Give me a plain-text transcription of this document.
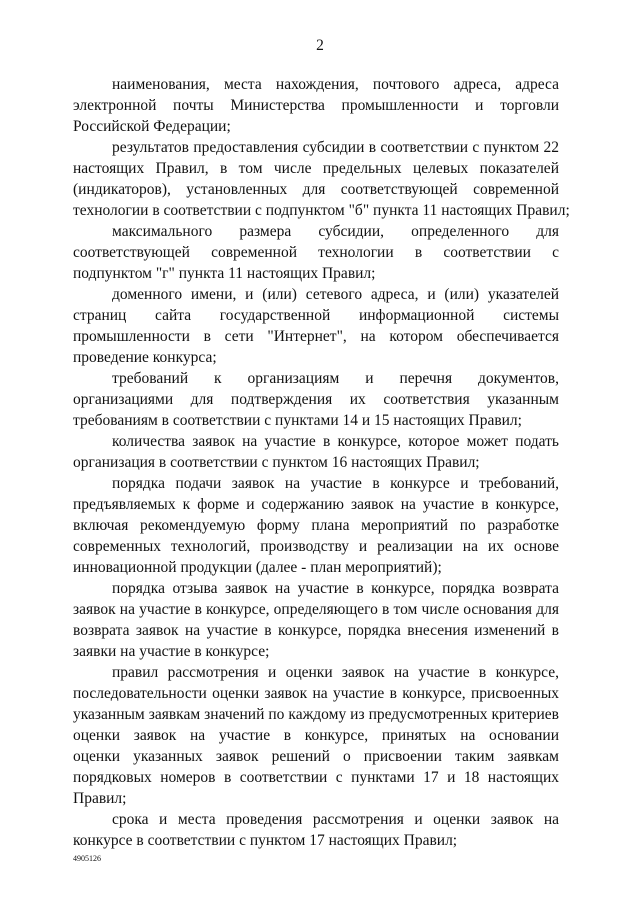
2
наименования, места нахождения, почтового адреса, адреса
электронной почты Министерства промышленности и торговли
Российской Федерации;
результатов предоставления субсидии в соответствии с пунктом 22
настоящих Правил, в том числе предельных целевых показателей
(индикаторов), установленных для соответствующей современной
технологии в соответствии с подпунктом "б" пункта 11 настоящих Правил;
максимального размера субсидии, определенного для
соответствующей современной технологии в соответствии с
подпунктом "г" пункта 11 настоящих Правил;
доменного имени, и (или) сетевого адреса, и (или) указателей
страниц сайта государственной информационной системы
промышленности в сети "Интернет", на котором обеспечивается
проведение конкурса;
требований к организациям и перечня документов,
организациями для подтверждения их соответствия указанным
требованиям в соответствии с пунктами 14 и 15 настоящих Правил;
количества заявок на участие в конкурсе, которое может подать
организация в соответствии с пунктом 16 настоящих Правил;
порядка подачи заявок на участие в конкурсе и требований,
предъявляемых к форме и содержанию заявок на участие в конкурсе,
включая рекомендуемую форму плана мероприятий по разработке
современных технологий, производству и реализации на их основе
инновационной продукции (далее - план мероприятий);
порядка отзыва заявок на участие в конкурсе, порядка возврата
заявок на участие в конкурсе, определяющего в том числе основания для
возврата заявок на участие в конкурсе, порядка внесения изменений в
заявки на участие в конкурсе;
правил рассмотрения и оценки заявок на участие в конкурсе,
последовательности оценки заявок на участие в конкурсе, присвоенных
указанным заявкам значений по каждому из предусмотренных критериев
оценки заявок на участие в конкурсе, принятых на основании
оценки указанных заявок решений о присвоении таким заявкам
порядковых номеров в соответствии с пунктами 17 и 18 настоящих
Правил;
срока и места проведения рассмотрения и оценки заявок на
конкурсе в соответствии с пунктом 17 настоящих Правил;
4905126
